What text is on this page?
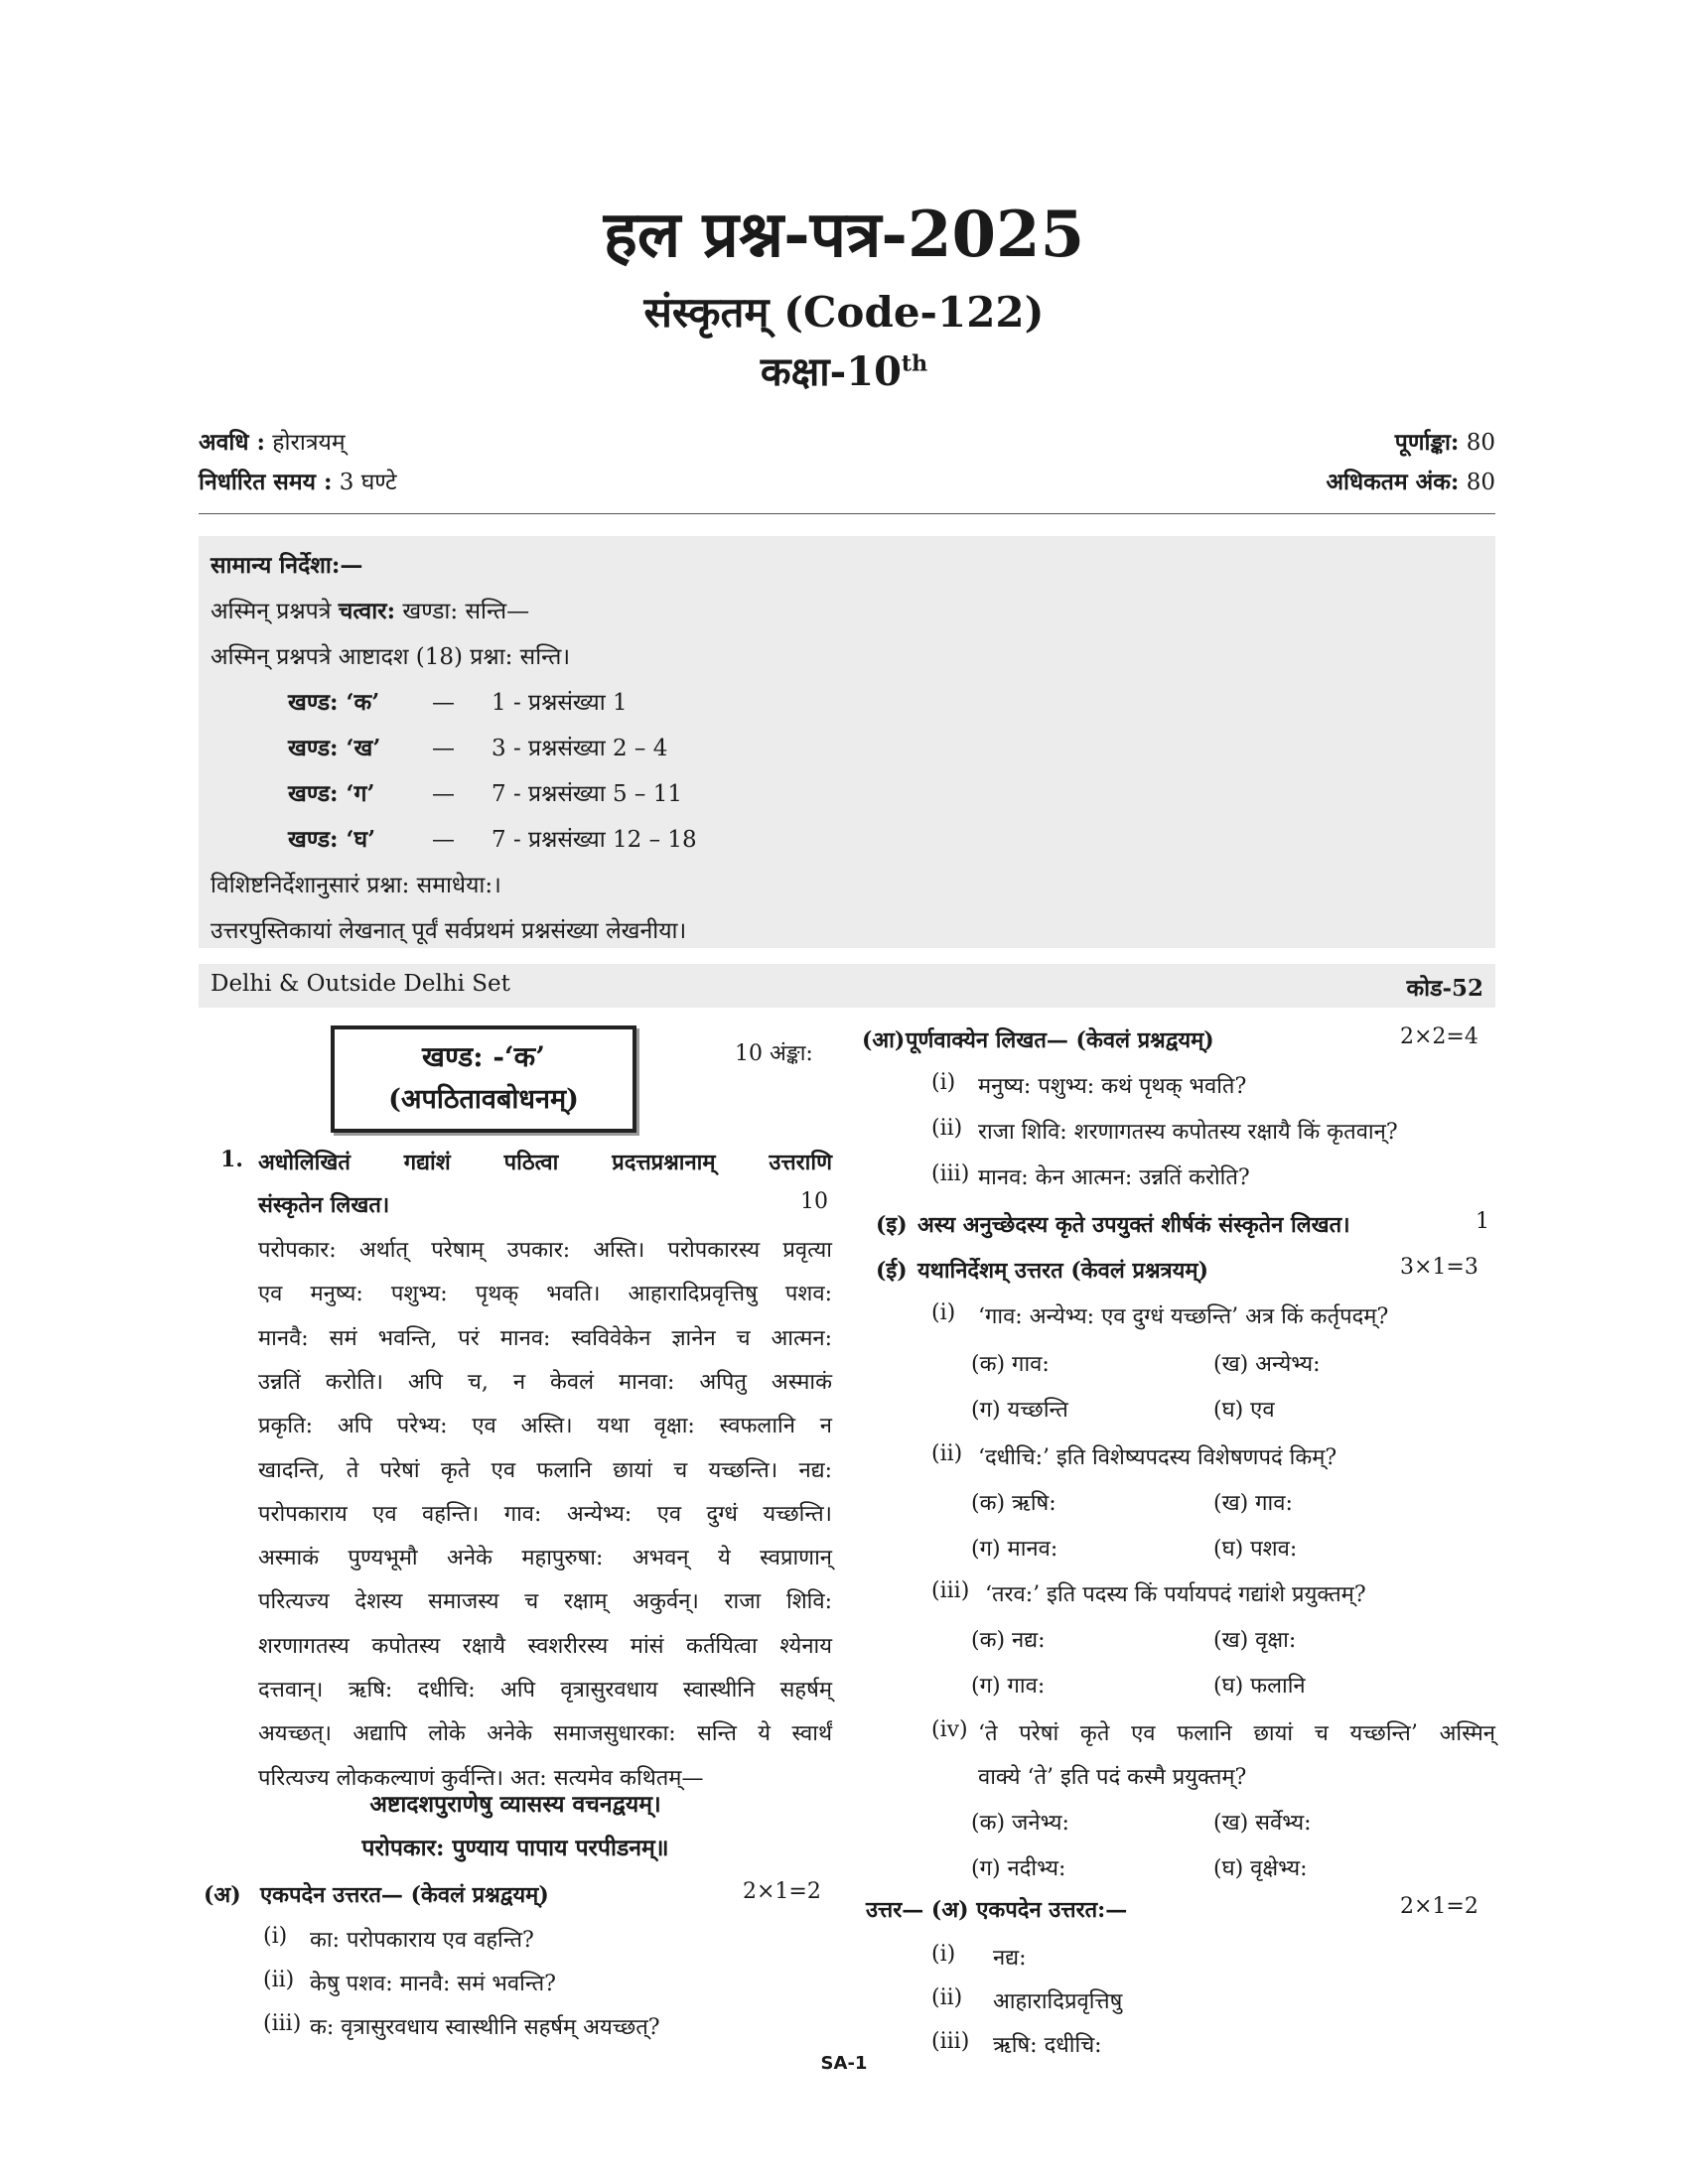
हल प्रश्न-पत्र-2025
संस्कृतम् (Code-122)
कक्षा-10th
अवधि : होरात्रयम्	पूर्णाङ्का: 80
निर्धारित समय : 3 घण्टे	अधिकतम अंक: 80
सामान्य निर्देशा:—
अस्मिन् प्रश्नपत्रे चत्वार: खण्डा: सन्ति—
अस्मिन् प्रश्नपत्रे आष्टादश (18) प्रश्ना: सन्ति।
खण्ड: ‘क’ — 1 - प्रश्नसंख्या 1
खण्ड: ‘ख’ — 3 - प्रश्नसंख्या 2 – 4
खण्ड: ‘ग’ — 7 - प्रश्नसंख्या 5 – 11
खण्ड: ‘घ’ — 7 - प्रश्नसंख्या 12 – 18
विशिष्टनिर्देशानुसारं प्रश्ना: समाधेया:।
उत्तरपुस्तिकायां लेखनात् पूर्वं सर्वप्रथमं प्रश्नसंख्या लेखनीया।
Delhi & Outside Delhi Set	कोड-52
खण्ड: -‘क’
(अपठितावबोधनम्)
10 अंङ्का:
1. अधोलिखितं गद्यांशं पठित्वा प्रदत्तप्रश्नानाम् उत्तराणि
संस्कृतेन लिखत।	10
परोपकार: अर्थात् परेषाम् उपकार: अस्ति। परोपकारस्य प्रवृत्या
एव मनुष्य: पशुभ्य: पृथक् भवति। आहारादिप्रवृत्तिषु पशव:
मानवै: समं भवन्ति, परं मानव: स्वविवेकेन ज्ञानेन च आत्मन:
उन्नतिं करोति। अपि च, न केवलं मानवा: अपितु अस्माकं
प्रकृति: अपि परेभ्य: एव अस्ति। यथा वृक्षा: स्वफलानि न
खादन्ति, ते परेषां कृते एव फलानि छायां च यच्छन्ति। नद्य:
परोपकाराय एव वहन्ति। गाव: अन्येभ्य: एव दुग्धं यच्छन्ति।
अस्माकं पुण्यभूमौ अनेके महापुरुषा: अभवन् ये स्वप्राणान्
परित्यज्य देशस्य समाजस्य च रक्षाम् अकुर्वन्। राजा शिवि:
शरणागतस्य कपोतस्य रक्षायै स्वशरीरस्य मांसं कर्तयित्वा श्येनाय
दत्तवान्। ऋषि: दधीचि: अपि वृत्रासुरवधाय स्वास्थीनि सहर्षम्
अयच्छत्। अद्यापि लोके अनेके समाजसुधारका: सन्ति ये स्वार्थं
परित्यज्य लोककल्याणं कुर्वन्ति। अत: सत्यमेव कथितम्—
अष्टादशपुराणेषु व्यासस्य वचनद्वयम्।
परोपकार: पुण्याय पापाय परपीडनम्॥
(अ) एकपदेन उत्तरत— (केवलं प्रश्नद्वयम्)	2×1=2
(i) का: परोपकाराय एव वहन्ति?
(ii) केषु पशव: मानवै: समं भवन्ति?
(iii) क: वृत्रासुरवधाय स्वास्थीनि सहर्षम् अयच्छत्?
(आ) पूर्णवाक्येन लिखत— (केवलं प्रश्नद्वयम्)	2×2=4
(i) मनुष्य: पशुभ्य: कथं पृथक् भवति?
(ii) राजा शिवि: शरणागतस्य कपोतस्य रक्षायै किं कृतवान्?
(iii) मानव: केन आत्मन: उन्नतिं करोति?
(इ) अस्य अनुच्छेदस्य कृते उपयुक्तं शीर्षकं संस्कृतेन लिखत।	1
(ई) यथानिर्देशम् उत्तरत (केवलं प्रश्नत्रयम्)	3×1=3
(i) ‘गाव: अन्येभ्य: एव दुग्धं यच्छन्ति’ अत्र किं कर्तृपदम्?
(क) गाव:	(ख) अन्येभ्य:
(ग) यच्छन्ति	(घ) एव
(ii) ‘दधीचि:’ इति विशेष्यपदस्य विशेषणपदं किम्?
(क) ऋषि:	(ख) गाव:
(ग) मानव:	(घ) पशव:
(iii) ‘तरव:’ इति पदस्य किं पर्यायपदं गद्यांशे प्रयुक्तम्?
(क) नद्य:	(ख) वृक्षा:
(ग) गाव:	(घ) फलानि
(iv) ‘ते परेषां कृते एव फलानि छायां च यच्छन्ति’ अस्मिन्
वाक्ये ‘ते’ इति पदं कस्मै प्रयुक्तम्?
(क) जनेभ्य:	(ख) सर्वेभ्य:
(ग) नदीभ्य:	(घ) वृक्षेभ्य:
उत्तर— (अ) एकपदेन उत्तरत:—	2×1=2
(i) नद्य:
(ii) आहारादिप्रवृत्तिषु
(iii) ऋषि: दधीचि:
SA-1
